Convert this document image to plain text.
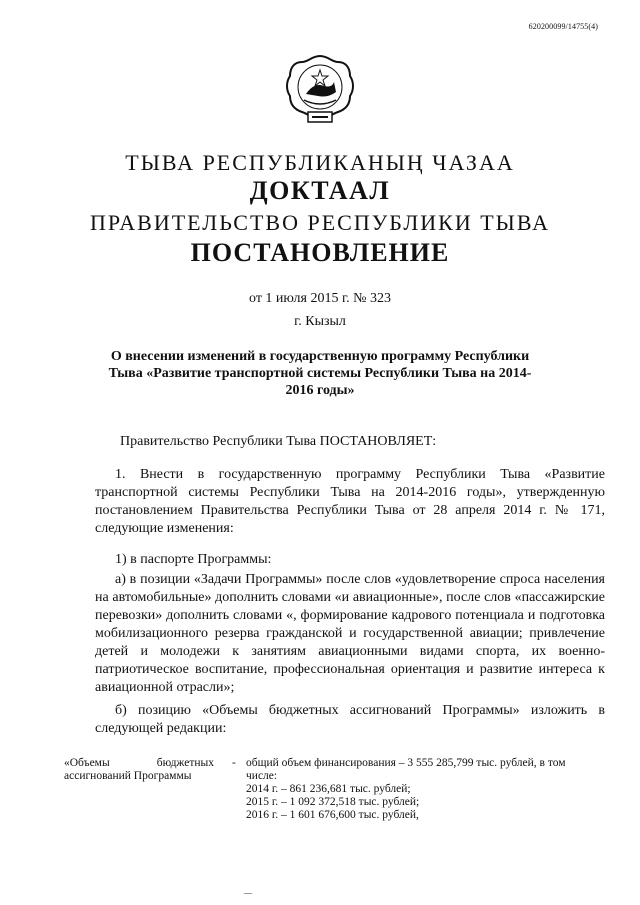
620200099/14755(4)
ТЫВА РЕСПУБЛИКАНЫҢ ЧАЗАА
ДОКТААЛ
ПРАВИТЕЛЬСТВО РЕСПУБЛИКИ ТЫВА
ПОСТАНОВЛЕНИЕ
от 1 июля 2015 г. № 323
г. Кызыл
О внесении изменений в государственную программу Республики Тыва «Развитие транспортной системы Республики Тыва на 2014-2016 годы»
Правительство Республики Тыва ПОСТАНОВЛЯЕТ:
1. Внести в государственную программу Республики Тыва «Развитие транспортной системы Республики Тыва на 2014-2016 годы», утвержденную постановлением Правительства Республики Тыва от 28 апреля 2014 г. № 171, следующие изменения:
1) в паспорте Программы:
а) в позиции «Задачи Программы» после слов «удовлетворение спроса населения на автомобильные» дополнить словами «и авиационные», после слов «пассажирские перевозки» дополнить словами «, формирование кадрового потенциала и подготовка мобилизационного резерва гражданской и государственной авиации; привлечение детей и молодежи к занятиям авиационными видами спорта, их военно-патриотическое воспитание, профессиональная ориентация и развитие интереса к авиационной отрасли»;
б) позицию «Объемы бюджетных ассигнований Программы» изложить в следующей редакции:
«Объемы бюджетных ассигнований Программы
- общий объем финансирования – 3 555 285,799 тыс. рублей, в том
числе:
2014 г. – 861 236,681 тыс. рублей;
2015 г. – 1 092 372,518 тыс. рублей;
2016 г. – 1 601 676,600 тыс. рублей,
—
